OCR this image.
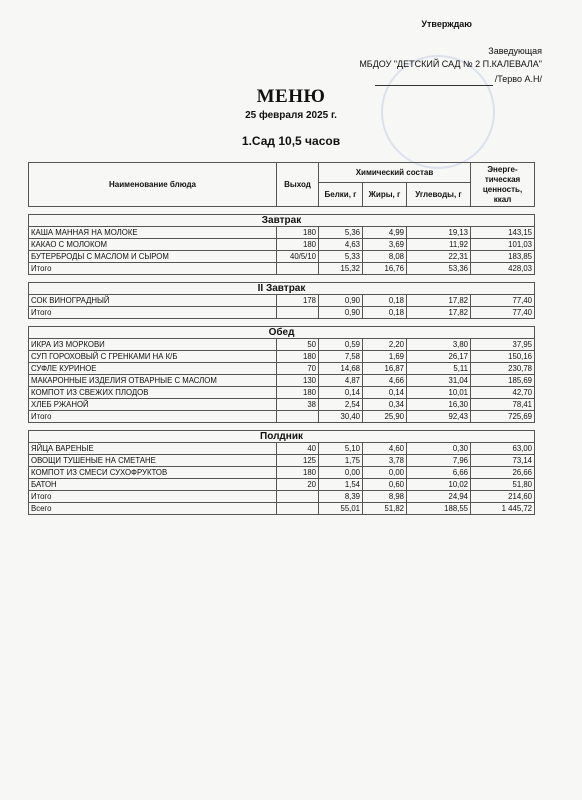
Утверждаю
Заведующая
МБДОУ "ДЕТСКИЙ САД № 2 П.КАЛЕВАЛА"
/Терво А.Н/
МЕНЮ
25 февраля 2025 г.
1.Сад 10,5 часов
Наименование блюда	Выход	Химический состав			Энерге-
тическая
ценность,
ккал

		Белки, г	Жиры, г	Углеводы, г	

Завтрак					
КАША МАННАЯ НА МОЛОКЕ	180	5,36	4,99	19,13	143,15
КАКАО С МОЛОКОМ	180	4,63	3,69	11,92	101,03
БУТЕРБРОДЫ С МАСЛОМ И СЫРОМ	40/5/10	5,33	8,08	22,31	183,85
Итого		15,32	16,76	53,36	428,03

II Завтрак					
СОК ВИНОГРАДНЫЙ	178	0,90	0,18	17,82	77,40
Итого		0,90	0,18	17,82	77,40

Обед					
ИКРА ИЗ МОРКОВИ	50	0,59	2,20	3,80	37,95
СУП ГОРОХОВЫЙ С ГРЕНКАМИ НА К/Б	180	7,58	1,69	26,17	150,16
СУФЛЕ КУРИНОЕ	70	14,68	16,87	5,11	230,78
МАКАРОННЫЕ ИЗДЕЛИЯ ОТВАРНЫЕ С МАСЛОМ	130	4,87	4,66	31,04	185,69
КОМПОТ ИЗ СВЕЖИХ ПЛОДОВ	180	0,14	0,14	10,01	42,70
ХЛЕБ РЖАНОЙ	38	2,54	0,34	16,30	78,41
Итого		30,40	25,90	92,43	725,69

Полдник					
ЯЙЦА ВАРЕНЫЕ	40	5,10	4,60	0,30	63,00
ОВОЩИ ТУШЕНЫЕ НА СМЕТАНЕ	125	1,75	3,78	7,96	73,14
КОМПОТ ИЗ СМЕСИ СУХОФРУКТОВ	180	0,00	0,00	6,66	26,66
БАТОН	20	1,54	0,60	10,02	51,80
Итого		8,39	8,98	24,94	214,60
Всего		55,01	51,82	188,55	1 445,72
